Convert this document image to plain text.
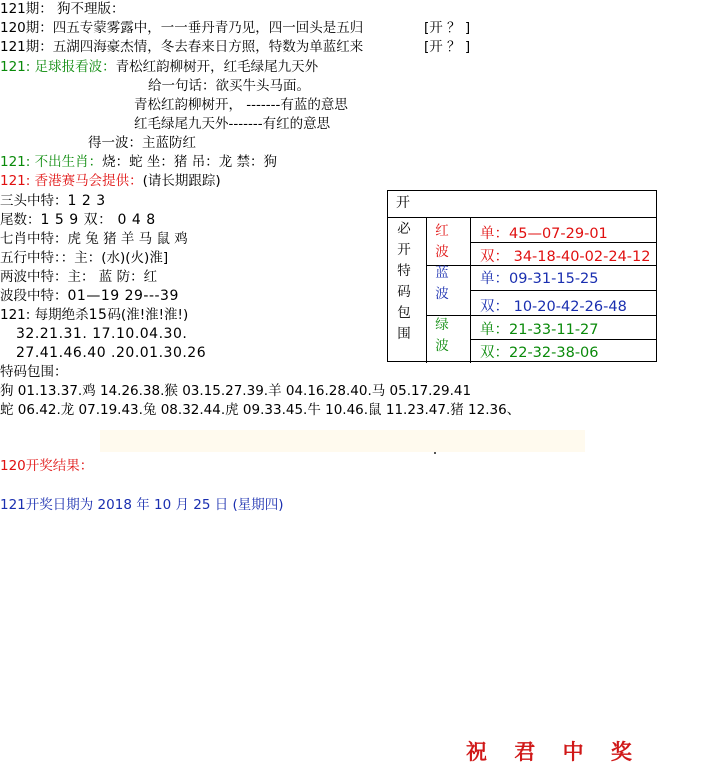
121期： 狗不理版：
120期：四五专蒙雾露中，一一垂丹青乃见，四一回头是五归	[开 ？ ]
121期：五湖四海豪杰情，冬去春来日方照，特数为单蓝红来	[开 ？ ]
121: 足球报看波：青松红韵柳树开，红毛绿尾九天外
给一句话：欲买牛头马面。
青松红韵柳树开， -------有蓝的意思
红毛绿尾九天外-------有红的意思
得一波：主蓝防红
121: 不出生肖：烧：蛇 坐：猪 吊：龙 禁：狗
121: 香港赛马会提供：(请长期跟踪)
三头中特：1 2 3
尾数：1 5 9 双： 0 4 8
七肖中特：虎 兔 猪 羊 马 鼠 鸡
五行中特：：主：(水)(火)淮]
两波中特：主： 蓝 防：红
波段中特：01—19 29---39
121: 每期绝杀15码(淮!淮!淮!)
32.21.31. 17.10.04.30.
27.41.46.40 .20.01.30.26
特码包围：
狗 01.13.37.鸡 14.26.38.猴 03.15.27.39.羊 04.16.28.40.马 05.17.29.41
蛇 06.42.龙 07.19.43.兔 08.32.44.虎 09.33.45.牛 10.46.鼠 11.23.47.猪 12.36、
120开奖结果：
121开奖日期为 2018 年 10 月 25 日 (星期四)
开
必
开
特
码
包
围
红
波
蓝
波
绿
波
单：45—07-29-01
双： 34-18-40-02-24-12
单：09-31-15-25
双： 10-20-42-26-48
单：21-33-11-27
双：22-32-38-06
祝 君 中 奖
